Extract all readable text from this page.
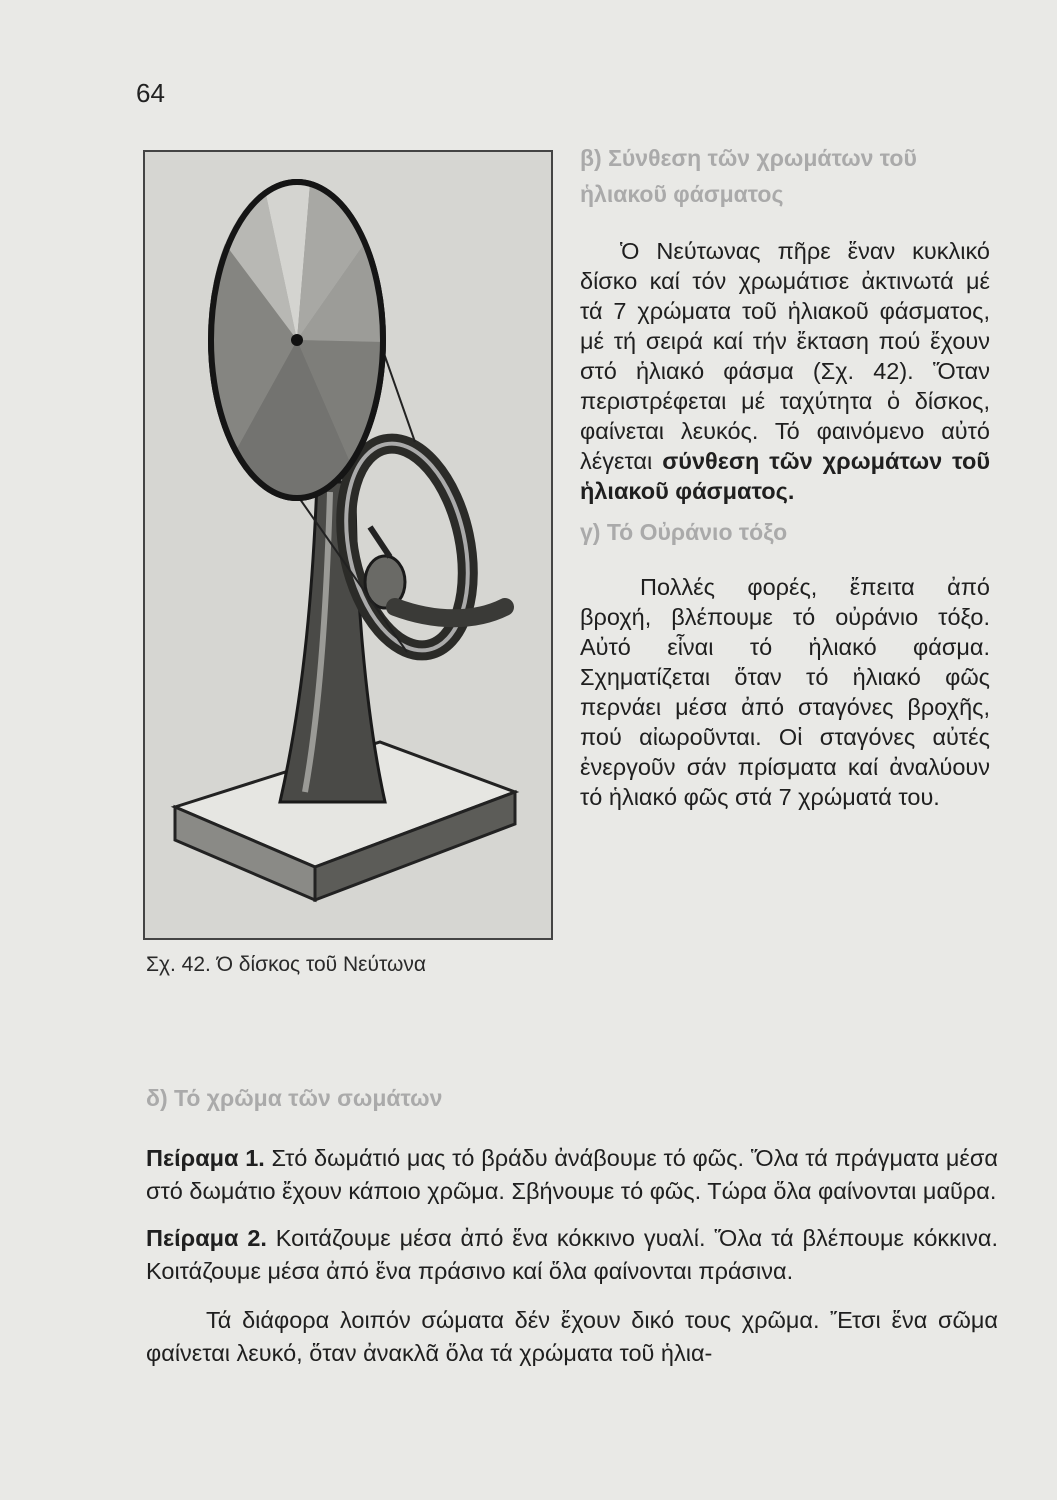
64
Σχ. 42. Ό δίσκος τοῦ Νεύτωνα

β) Σύνθεση τῶν χρωμάτων τοῦ ἡλιακοῦ φάσματος

Ὁ Νεύτωνας πῆρε ἕναν κυκλικό δίσκο καί τόν χρωμάτισε ἀκτινωτά μέ τά 7 χρώματα τοῦ ἡλιακοῦ φάσματος, μέ τή σειρά καί τήν ἔκταση πού ἔχουν στό ἡλιακό φάσμα (Σχ. 42). Ὅταν περιστρέφεται μέ ταχύτητα ὁ δίσκος, φαίνεται λευκός. Τό φαινόμενο αὐτό λέγεται σύνθεση τῶν χρωμάτων τοῦ ἡλιακοῦ φάσματος.

γ) Τό Οὐράνιο τόξο

Πολλές φορές, ἔπειτα ἀπό βροχή, βλέπουμε τό οὐράνιο τόξο. Αὐτό εἶναι τό ἡλιακό φάσμα. Σχηματίζεται ὅταν τό ἡλιακό φῶς περνάει μέσα ἀπό σταγόνες βροχῆς, πού αἰωροῦνται. Οἱ σταγόνες αὐτές ἐνεργοῦν σάν πρίσματα καί ἀναλύουν τό ἡλιακό φῶς στά 7 χρώματά του.

δ) Τό χρῶμα τῶν σωμάτων

Πείραμα 1. Στό δωμάτιό μας τό βράδυ ἀνάβουμε τό φῶς. Ὅλα τά πράγματα μέσα στό δωμάτιο ἔχουν κάποιο χρῶμα. Σβήνουμε τό φῶς. Τώρα ὅλα φαίνονται μαῦρα.

Πείραμα 2. Κοιτάζουμε μέσα ἀπό ἕνα κόκκινο γυαλί. Ὅλα τά βλέπουμε κόκκινα. Κοιτάζουμε μέσα ἀπό ἕνα πράσινο καί ὅλα φαίνονται πράσινα.

Τά διάφορα λοιπόν σώματα δέν ἔχουν δικό τους χρῶμα. Ἔτσι ἕνα σῶμα φαίνεται λευκό, ὅταν ἀνακλᾶ ὅλα τά χρώματα τοῦ ἡλια-
